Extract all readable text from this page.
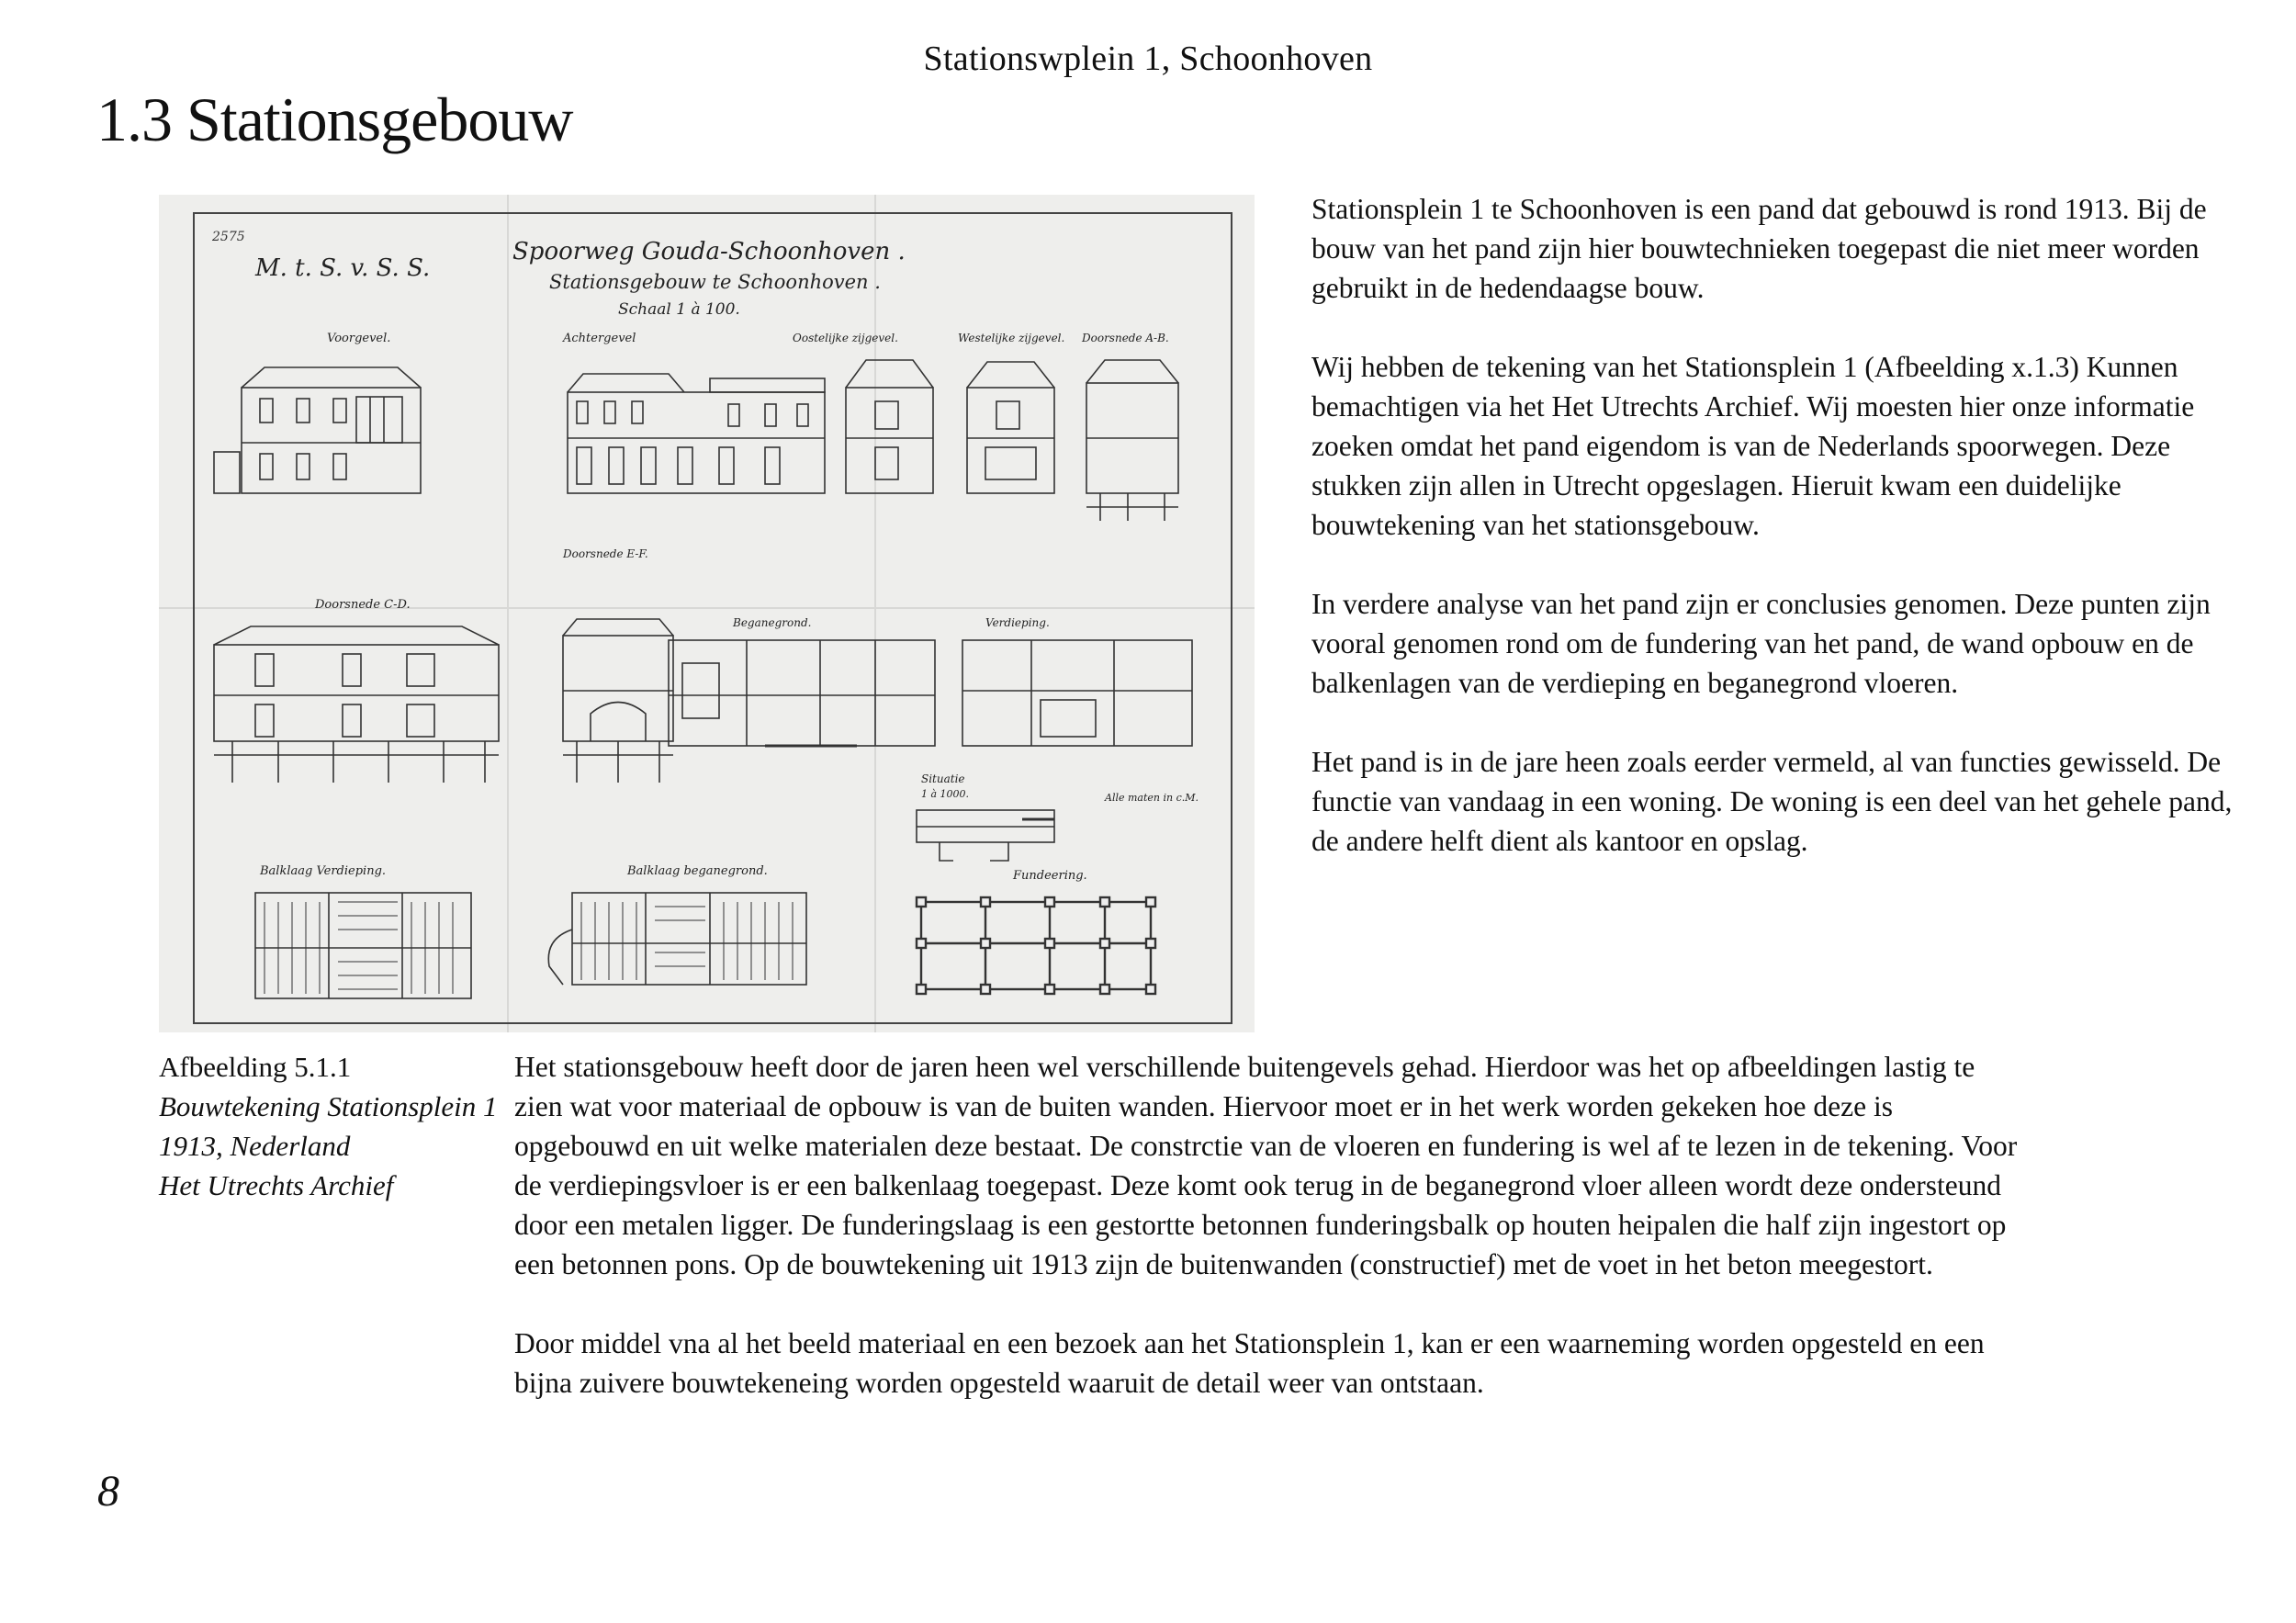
Stationswplein 1, Schoonhoven
1.3 Stationsgebouw
2575
M. t. S. v. S. S.
Spoorweg Gouda-Schoonhoven .
Stationsgebouw te Schoonhoven .
Schaal 1 à 100.
Voorgevel.	Achtergevel	Oostelijke zijgevel.	Westelijke zijgevel. Doorsnede A-B.
Doorsnede E-F.
Doorsnede C-D.
Beganegrond.	Verdieping.
Situatie
1 à 1000.	Alle maten in c.M.
Balklaag Verdieping.	Balklaag beganegrond.	Fundeering.

Stationsplein 1 te Schoonhoven is een pand dat gebouwd is rond 1913. Bij de bouw van het pand zijn hier bouwtechnieken toegepast die niet meer worden gebruikt in de hedendaagse bouw.

Wij hebben de tekening van het Stationsplein 1 (Afbeelding x.1.3) Kunnen bemachtigen via het Het Utrechts Archief. Wij moesten hier onze informatie zoeken omdat het pand eigendom is van de Nederlands spoorwegen. Deze stukken zijn allen in Utrecht opgeslagen. Hieruit kwam een duidelijke bouwtekening van het stationsgebouw.

In verdere analyse van het pand zijn er conclusies genomen. Deze punten zijn vooral genomen rond om de fundering van het pand, de wand opbouw en de balkenlagen van de verdieping en beganegrond vloeren.

Het pand is in de jare heen zoals eerder vermeld, al van functies gewisseld. De functie van vandaag in een woning. De woning is een deel van het gehele pand, de andere helft dient als kantoor en opslag.

Afbeelding 5.1.1
Bouwtekening Stationsplein 1
1913, Nederland
Het Utrechts Archief

Het stationsgebouw heeft door de jaren heen wel verschillende buitengevels gehad. Hierdoor was het op afbeeldingen lastig te zien wat voor materiaal de opbouw is van de buiten wanden. Hiervoor moet er in het werk worden gekeken hoe deze is opgebouwd en uit welke materialen deze bestaat. De constrctie van de vloeren en fundering is wel af te lezen in de tekening. Voor de verdiepingsvloer is er een balkenlaag toegepast. Deze komt ook terug in de beganegrond vloer alleen wordt deze ondersteund door een metalen ligger. De funderingslaag is een gestortte betonnen funderingsbalk op houten heipalen die half zijn ingestort op een betonnen pons. Op de bouwtekening uit 1913 zijn de buitenwanden (constructief) met de voet in het beton meegestort.

Door middel vna al het beeld materiaal en een bezoek aan het Stationsplein 1, kan er een waarneming worden opgesteld en een bijna zuivere bouwtekeneing worden opgesteld waaruit de detail weer van ontstaan.

8
